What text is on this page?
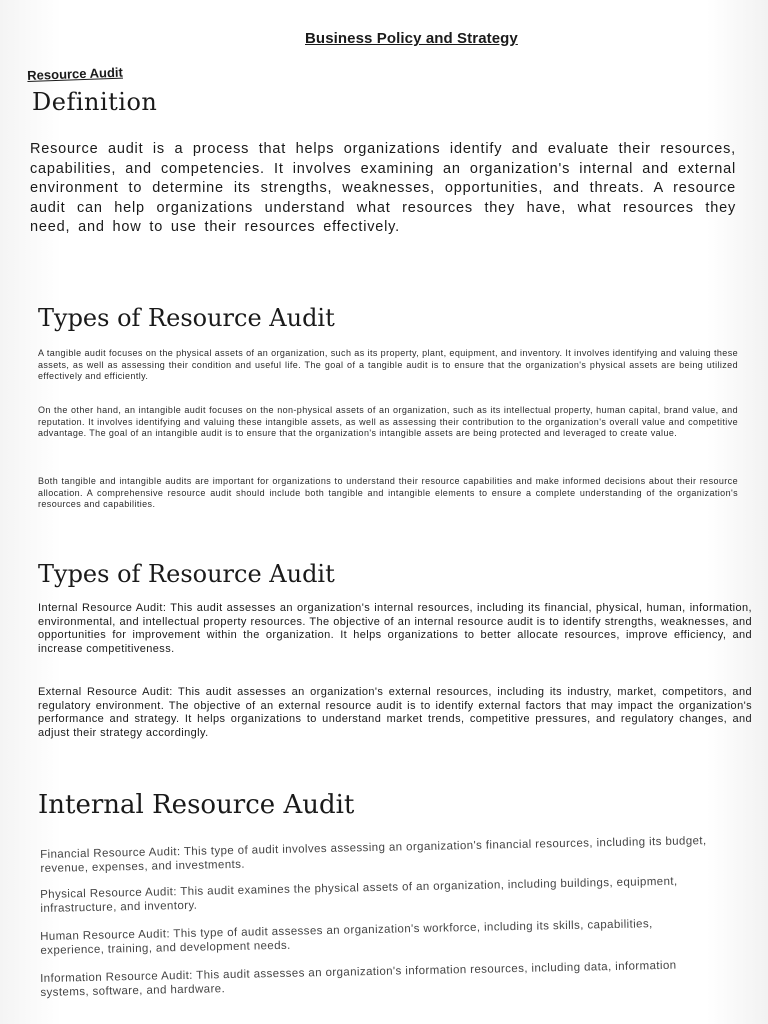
Business Policy and Strategy
Resource Audit
Definition

Resource audit is a process that helps organizations identify and evaluate their resources, capabilities, and competencies. It involves examining an organization's internal and external environment to determine its strengths, weaknesses, opportunities, and threats. A resource audit can help organizations understand what resources they have, what resources they need, and how to use their resources effectively.

Types of Resource Audit

A tangible audit focuses on the physical assets of an organization, such as its property, plant, equipment, and inventory. It involves identifying and valuing these assets, as well as assessing their condition and useful life. The goal of a tangible audit is to ensure that the organization's physical assets are being utilized effectively and efficiently.

On the other hand, an intangible audit focuses on the non-physical assets of an organization, such as its intellectual property, human capital, brand value, and reputation. It involves identifying and valuing these intangible assets, as well as assessing their contribution to the organization's overall value and competitive advantage. The goal of an intangible audit is to ensure that the organization's intangible assets are being protected and leveraged to create value.

Both tangible and intangible audits are important for organizations to understand their resource capabilities and make informed decisions about their resource allocation. A comprehensive resource audit should include both tangible and intangible elements to ensure a complete understanding of the organization's resources and capabilities.

Types of Resource Audit

Internal Resource Audit: This audit assesses an organization's internal resources, including its financial, physical, human, information, environmental, and intellectual property resources. The objective of an internal resource audit is to identify strengths, weaknesses, and opportunities for improvement within the organization. It helps organizations to better allocate resources, improve efficiency, and increase competitiveness.

External Resource Audit: This audit assesses an organization's external resources, including its industry, market, competitors, and regulatory environment. The objective of an external resource audit is to identify external factors that may impact the organization's performance and strategy. It helps organizations to understand market trends, competitive pressures, and regulatory changes, and adjust their strategy accordingly.

Internal Resource Audit

Financial Resource Audit: This type of audit involves assessing an organization's financial resources, including its budget, revenue, expenses, and investments.

Physical Resource Audit: This audit examines the physical assets of an organization, including buildings, equipment, infrastructure, and inventory.

Human Resource Audit: This type of audit assesses an organization's workforce, including its skills, capabilities, experience, training, and development needs.

Information Resource Audit: This audit assesses an organization's information resources, including data, information systems, software, and hardware.
